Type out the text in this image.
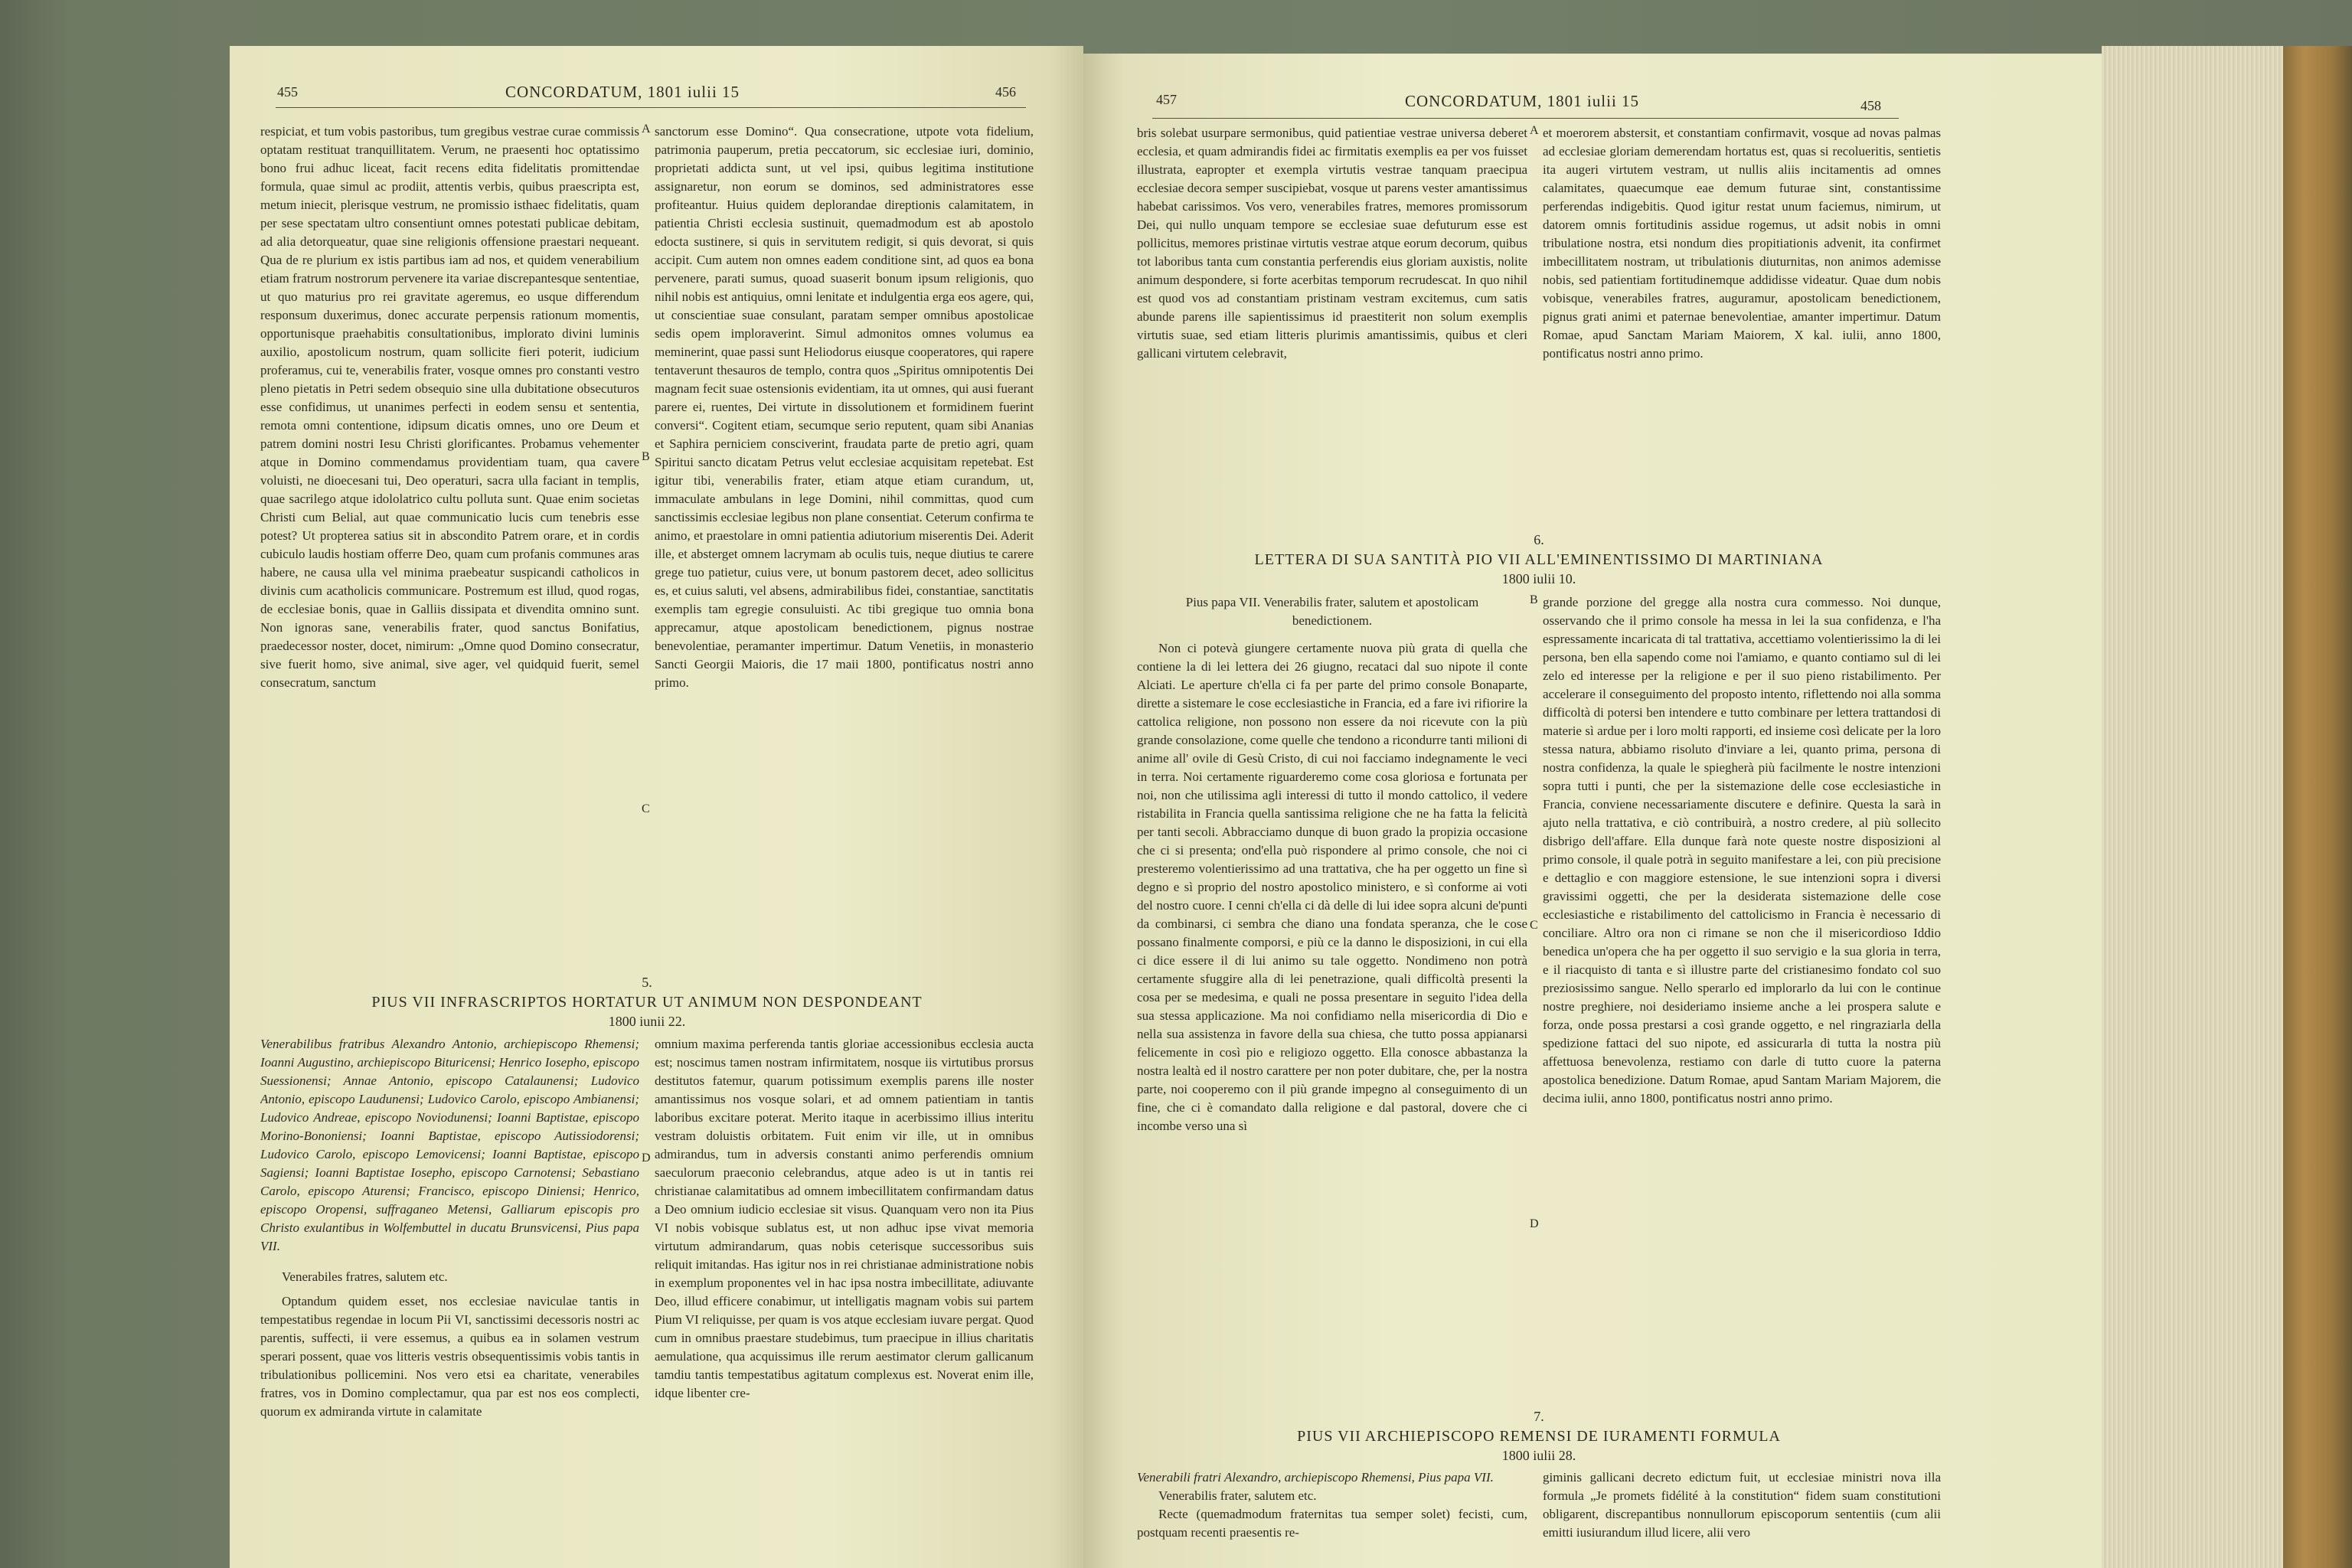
455	CONCORDATUM, 1801 iulii 15	456

respiciat, et tum vobis pastoribus, tum gregibus vestrae curae commissis optatam restituat tranquillitatem. Verum, ne praesenti hoc optatissimo bono frui adhuc liceat, facit recens edita fidelitatis promittendae formula, quae simul ac prodiit, attentis verbis, quibus praescripta est, metum iniecit, plerisque vestrum, ne promissio isthaec fidelitatis, quam per sese spectatam ultro consentiunt omnes potestati publicae debitam, ad alia detorqueatur, quae sine religionis offensione praestari nequeant. Qua de re plurium ex istis partibus iam ad nos, et quidem venerabilium etiam fratrum nostrorum pervenere ita variae discrepantesque sententiae, ut quo maturius pro rei gravitate ageremus, eo usque differendum responsum duxerimus, donec accurate perpensis rationum momentis, opportunisque praehabitis consultationibus, implorato divini luminis auxilio, apostolicum nostrum, quam sollicite fieri poterit, iudicium proferamus, cui te, venerabilis frater, vosque omnes pro constanti vestro pleno pietatis in Petri sedem obsequio sine ulla dubitatione obsecuturos esse confidimus, ut unanimes perfecti in eodem sensu et sententia, remota omni contentione, idipsum dicatis omnes, uno ore Deum et patrem domini nostri Iesu Christi glorificantes. Probamus vehementer atque in Domino commendamus providentiam tuam, qua cavere voluisti, ne dioecesani tui, Deo operaturi, sacra ulla faciant in templis, quae sacrilego atque idololatrico cultu polluta sunt. Quae enim societas Christi cum Belial, aut quae communicatio lucis cum tenebris esse potest? Ut propterea satius sit in abscondito Patrem orare, et in cordis cubiculo laudis hostiam offerre Deo, quam cum profanis communes aras habere, ne causa ulla vel minima praebeatur suspicandi catholicos in divinis cum acatholicis communicare. Postremum est illud, quod rogas, de ecclesiae bonis, quae in Galliis dissipata et divendita omnino sunt. Non ignoras sane, venerabilis frater, quod sanctus Bonifatius, praedecessor noster, docet, nimirum: „Omne quod Domino consecratur, sive fuerit homo, sive animal, sive ager, vel quidquid fuerit, semel consecratum, sanctum

sanctorum esse Domino“. Qua consecratione, utpote vota fidelium, patrimonia pauperum, pretia peccatorum, sic ecclesiae iuri, dominio, proprietati addicta sunt, ut vel ipsi, quibus legitima institutione assignaretur, non eorum se dominos, sed administratores esse profiteantur. Huius quidem deplorandae direptionis calamitatem, in patientia Christi ecclesia sustinuit, quemadmodum est ab apostolo edocta sustinere, si quis in servitutem redigit, si quis devorat, si quis accipit. Cum autem non omnes eadem conditione sint, ad quos ea bona pervenere, parati sumus, quoad suaserit bonum ipsum religionis, quo nihil nobis est antiquius, omni lenitate et indulgentia erga eos agere, qui, ut conscientiae suae consulant, paratam semper omnibus apostolicae sedis opem imploraverint. Simul admonitos omnes volumus ea meminerint, quae passi sunt Heliodorus eiusque cooperatores, qui rapere tentaverunt thesauros de templo, contra quos „Spiritus omnipotentis Dei magnam fecit suae ostensionis evidentiam, ita ut omnes, qui ausi fuerant parere ei, ruentes, Dei virtute in dissolutionem et formidinem fuerint conversi“. Cogitent etiam, secumque serio reputent, quam sibi Ananias et Saphira perniciem consciverint, fraudata parte de pretio agri, quam Spiritui sancto dicatam Petrus velut ecclesiae acquisitam repetebat. Est igitur tibi, venerabilis frater, etiam atque etiam curandum, ut, immaculate ambulans in lege Domini, nihil committas, quod cum sanctissimis ecclesiae legibus non plane consentiat. Ceterum confirma te animo, et praestolare in omni patientia adiutorium miserentis Dei. Aderit ille, et absterget omnem lacrymam ab oculis tuis, neque diutius te carere grege tuo patietur, cuius vere, ut bonum pastorem decet, adeo sollicitus es, et cuius saluti, vel absens, admirabilibus fidei, constantiae, sanctitatis exemplis tam egregie consuluisti. Ac tibi gregique tuo omnia bona apprecamur, atque apostolicam benedictionem, pignus nostrae benevolentiae, peramanter impertimur. Datum Venetiis, in monasterio Sancti Georgii Maioris, die 17 maii 1800, pontificatus nostri anno primo.

A
B
C
D
5.
PIUS VII INFRASCRIPTOS HORTATUR UT ANIMUM NON DESPONDEANT
1800 iunii 22.

Venerabilibus fratribus Alexandro Antonio, archiepiscopo Rhemensi; Ioanni Augustino, archiepiscopo Bituricensi; Henrico Iosepho, episcopo Suessionensi; Annae Antonio, episcopo Catalaunensi; Ludovico Antonio, episcopo Laudunensi; Ludovico Carolo, episcopo Ambianensi; Ludovico Andreae, episcopo Noviodunensi; Ioanni Baptistae, episcopo Morino-Bononiensi; Ioanni Baptistae, episcopo Autissiodorensi; Ludovico Carolo, episcopo Lemovicensi; Ioanni Baptistae, episcopo Sagiensi; Ioanni Baptistae Iosepho, episcopo Carnotensi; Sebastiano Carolo, episcopo Aturensi; Francisco, episcopo Diniensi; Henrico, episcopo Oropensi, suffraganeo Metensi, Galliarum episcopis pro Christo exulantibus in Wolfembuttel in ducatu Brunsvicensi, Pius papa VII.

Venerabiles fratres, salutem etc.

Optandum quidem esset, nos ecclesiae naviculae tantis in tempestatibus regendae in locum Pii VI, sanctissimi decessoris nostri ac parentis, suffecti, ii vere essemus, a quibus ea in solamen vestrum sperari possent, quae vos litteris vestris obsequentissimis vobis tantis in tribulationibus pollicemini. Nos vero etsi ea charitate, venerabiles fratres, vos in Domino complectamur, qua par est nos eos complecti, quorum ex admiranda virtute in calamitate

omnium maxima perferenda tantis gloriae accessionibus ecclesia aucta est; noscimus tamen nostram infirmitatem, nosque iis virtutibus prorsus destitutos fatemur, quarum potissimum exemplis parens ille noster amantissimus nos vosque solari, et ad omnem patientiam in tantis laboribus excitare poterat. Merito itaque in acerbissimo illius interitu vestram doluistis orbitatem. Fuit enim vir ille, ut in omnibus admirandus, tum in adversis constanti animo perferendis omnium saeculorum praeconio celebrandus, atque adeo is ut in tantis rei christianae calamitatibus ad omnem imbecillitatem confirmandam datus a Deo omnium iudicio ecclesiae sit visus. Quanquam vero non ita Pius VI nobis vobisque sublatus est, ut non adhuc ipse vivat memoria virtutum admirandarum, quas nobis ceterisque successoribus suis reliquit imitandas. Has igitur nos in rei christianae administratione nobis in exemplum proponentes vel in hac ipsa nostra imbecillitate, adiuvante Deo, illud efficere conabimur, ut intelligatis magnam vobis sui partem Pium VI reliquisse, per quam is vos atque ecclesiam iuvare pergat. Quod cum in omnibus praestare studebimus, tum praecipue in illius charitatis aemulatione, qua acquissimus ille rerum aestimator clerum gallicanum tamdiu tantis tempestatibus agitatum complexus est. Noverat enim ille, idque libenter cre-

457	CONCORDATUM, 1801 iulii 15	458

bris solebat usurpare sermonibus, quid patientiae vestrae universa deberet ecclesia, et quam admirandis fidei ac firmitatis exemplis ea per vos fuisset illustrata, eapropter et exempla virtutis vestrae tanquam praecipua ecclesiae decora semper suscipiebat, vosque ut parens vester amantissimus habebat carissimos. Vos vero, venerabiles fratres, memores promissorum Dei, qui nullo unquam tempore se ecclesiae suae defuturum esse est pollicitus, memores pristinae virtutis vestrae atque eorum decorum, quibus tot laboribus tanta cum constantia perferendis eius gloriam auxistis, nolite animum despondere, si forte acerbitas temporum recrudescat. In quo nihil est quod vos ad constantiam pristinam vestram excitemus, cum satis abunde parens ille sapientissimus id praestiterit non solum exemplis virtutis suae, sed etiam litteris plurimis amantissimis, quibus et cleri gallicani virtutem celebravit,

et moerorem abstersit, et constantiam confirmavit, vosque ad novas palmas ad ecclesiae gloriam demerendam hortatus est, quas si recolueritis, sentietis ita augeri virtutem vestram, ut nullis aliis incitamentis ad omnes calamitates, quaecumque eae demum futurae sint, constantissime perferendas indigebitis. Quod igitur restat unum faciemus, nimirum, ut datorem omnis fortitudinis assidue rogemus, ut adsit nobis in omni tribulatione nostra, etsi nondum dies propitiationis advenit, ita confirmet imbecillitatem nostram, ut tribulationis diuturnitas, non animos ademisse nobis, sed patientiam fortitudinemque addidisse videatur. Quae dum nobis vobisque, venerabiles fratres, auguramur, apostolicam benedictionem, pignus grati animi et paternae benevolentiae, amanter impertimur. Datum Romae, apud Sanctam Mariam Maiorem, X kal. iulii, anno 1800, pontificatus nostri anno primo.

A
6.
LETTERA DI SUA SANTITÀ PIO VII ALL'EMINENTISSIMO DI MARTINIANA
1800 iulii 10.

Pius papa VII. Venerabilis frater, salutem et apostolicam benedictionem.

Non ci potevà giungere certamente nuova più grata di quella che contiene la di lei lettera dei 26 giugno, recataci dal suo nipote il conte Alciati. Le aperture ch'ella ci fa per parte del primo console Bonaparte, dirette a sistemare le cose ecclesiastiche in Francia, ed a fare ivi rifiorire la cattolica religione, non possono non essere da noi ricevute con la più grande consolazione, come quelle che tendono a ricondurre tanti milioni di anime all' ovile di Gesù Cristo, di cui noi facciamo indegnamente le veci in terra. Noi certamente riguarderemo come cosa gloriosa e fortunata per noi, non che utilissima agli interessi di tutto il mondo cattolico, il vedere ristabilita in Francia quella santissima religione che ne ha fatta la felicità per tanti secoli. Abbracciamo dunque di buon grado la propizia occasione che ci si presenta; ond'ella può rispondere al primo console, che noi ci presteremo volentierissimo ad una trattativa, che ha per oggetto un fine sì degno e sì proprio del nostro apostolico ministero, e sì conforme ai voti del nostro cuore. I cenni ch'ella ci dà delle di lui idee sopra alcuni de'punti da combinarsi, ci sembra che diano una fondata speranza, che le cose possano finalmente comporsi, e più ce la danno le disposizioni, in cui ella ci dice essere il di lui animo su tale oggetto. Nondimeno non potrà certamente sfuggire alla di lei penetrazione, quali difficoltà presenti la cosa per se medesima, e quali ne possa presentare in seguito l'idea della sua stessa applicazione. Ma noi confidiamo nella misericordia di Dio e nella sua assistenza in favore della sua chiesa, che tutto possa appianarsi felicemente in così pio e religiozo oggetto. Ella conosce abbastanza la nostra lealtà ed il nostro carattere per non poter dubitare, che, per la nostra parte, noi cooperemo con il più grande impegno al conseguimento di un fine, che ci è comandato dalla religione e dal pastoral, dovere che ci incombe verso una sì

grande porzione del gregge alla nostra cura commesso. Noi dunque, osservando che il primo console ha messa in lei la sua confidenza, e l'ha espressamente incaricata di tal trattativa, accettiamo volentierissimo la di lei persona, ben ella sapendo come noi l'amiamo, e quanto contiamo sul di lei zelo ed interesse per la religione e per il suo pieno ristabilimento. Per accelerare il conseguimento del proposto intento, riflettendo noi alla somma difficoltà di potersi ben intendere e tutto combinare per lettera trattandosi di materie sì ardue per i loro molti rapporti, ed insieme così delicate per la loro stessa natura, abbiamo risoluto d'inviare a lei, quanto prima, persona di nostra confidenza, la quale le spiegherà più facilmente le nostre intenzioni sopra tutti i punti, che per la sistemazione delle cose ecclesiastiche in Francia, conviene necessariamente discutere e definire. Questa la sarà in ajuto nella trattativa, e ciò contribuirà, a nostro credere, al più sollecito disbrigo dell'affare. Ella dunque farà note queste nostre disposizioni al primo console, il quale potrà in seguito manifestare a lei, con più precisione e dettaglio e con maggiore estensione, le sue intenzioni sopra i diversi gravissimi oggetti, che per la desiderata sistemazione delle cose ecclesiastiche e ristabilimento del cattolicismo in Francia è necessario di conciliare. Altro ora non ci rimane se non che il misericordioso Iddio benedica un'opera che ha per oggetto il suo servigio e la sua gloria in terra, e il riacquisto di tanta e sì illustre parte del cristianesimo fondato col suo preziosissimo sangue. Nello sperarlo ed implorarlo da lui con le continue nostre preghiere, noi desideriamo insieme anche a lei prospera salute e forza, onde possa prestarsi a così grande oggetto, e nel ringraziarla della spedizione fattaci del suo nipote, ed assicurarla di tutta la nostra più affettuosa benevolenza, restiamo con darle di tutto cuore la paterna apostolica benedizione. Datum Romae, apud Santam Mariam Majorem, die decima iulii, anno 1800, pontificatus nostri anno primo.

B
C
D
7.
PIUS VII ARCHIEPISCOPO REMENSI DE IURAMENTI FORMULA
1800 iulii 28.

Venerabili fratri Alexandro, archiepiscopo Rhemensi, Pius papa VII.

Venerabilis frater, salutem etc.

Recte (quemadmodum fraternitas tua semper solet) fecisti, cum, postquam recenti praesentis re-

giminis gallicani decreto edictum fuit, ut ecclesiae ministri nova illa formula „Je promets fidélité à la constitution“ fidem suam constitutioni obligarent, discrepantibus nonnullorum episcoporum sententiis (cum alii emitti iusiurandum illud licere, alii vero
